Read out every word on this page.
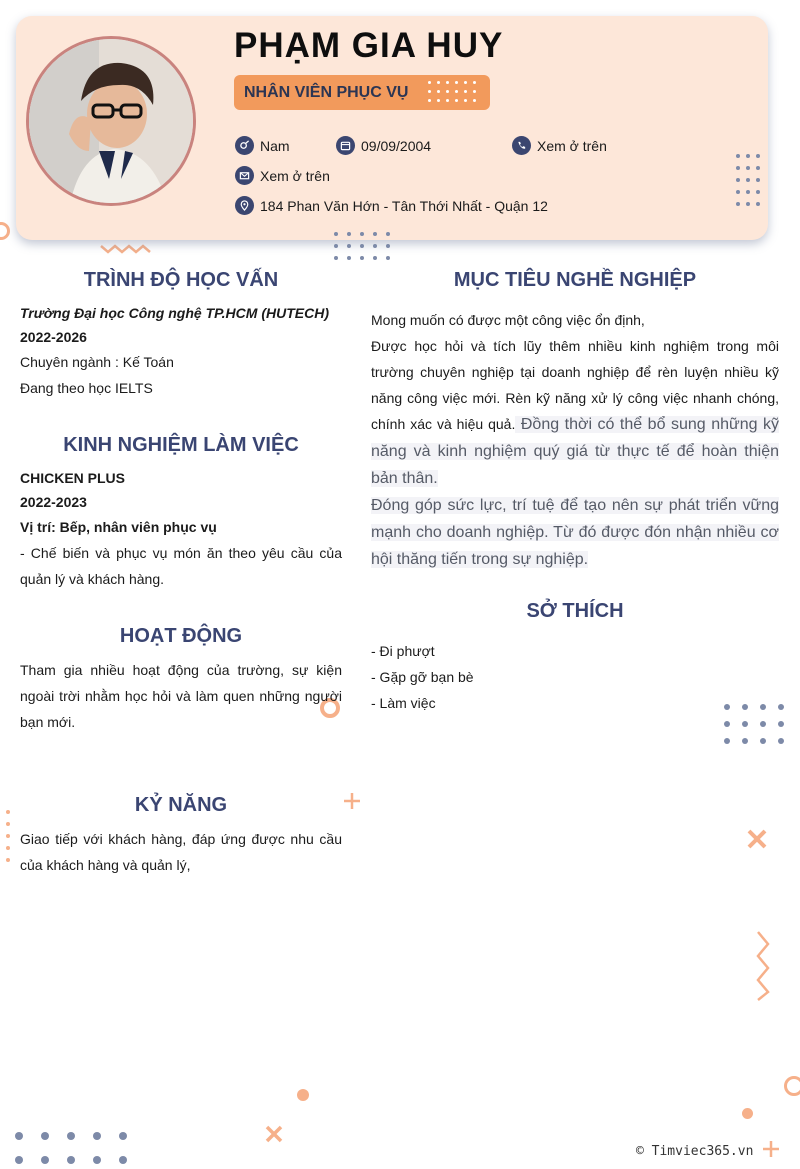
PHẠM GIA HUY
NHÂN VIÊN PHỤC VỤ
Nam	09/09/2004	Xem ở trên
Xem ở trên
184 Phan Văn Hớn - Tân Thới Nhất - Quận 12
TRÌNH ĐỘ HỌC VẤN
Trường Đại học Công nghệ TP.HCM (HUTECH)
2022-2026
Chuyên ngành : Kế Toán
Đang theo học IELTS
KINH NGHIỆM LÀM VIỆC
CHICKEN PLUS
2022-2023
Vị trí: Bếp, nhân viên phục vụ
- Chế biến và phục vụ món ăn theo yêu cầu của quản lý và khách hàng.
HOẠT ĐỘNG
Tham gia nhiều hoạt động của trường, sự kiện ngoài trời nhằm học hỏi và làm quen những người bạn mới.
KỶ NĂNG
Giao tiếp với khách hàng, đáp ứng được nhu cầu của khách hàng và quản lý,
MỤC TIÊU NGHỀ NGHIỆP
Mong muốn có được một công việc ổn định,
Được học hỏi và tích lũy thêm nhiều kinh nghiệm trong môi trường chuyên nghiệp tại doanh nghiệp để rèn luyện nhiều kỹ năng công việc mới. Rèn kỹ năng xử lý công việc nhanh chóng, chính xác và hiệu quả. Đồng thời có thể bổ sung những kỹ năng và kinh nghiệm quý giá từ thực tế để hoàn thiện bản thân.
Đóng góp sức lực, trí tuệ để tạo nên sự phát triển vững mạnh cho doanh nghiệp. Từ đó được đón nhận nhiều cơ hội thăng tiến trong sự nghiệp.
SỞ THÍCH
- Đi phượt
- Gặp gỡ bạn bè
- Làm việc
© Timviec365.vn
